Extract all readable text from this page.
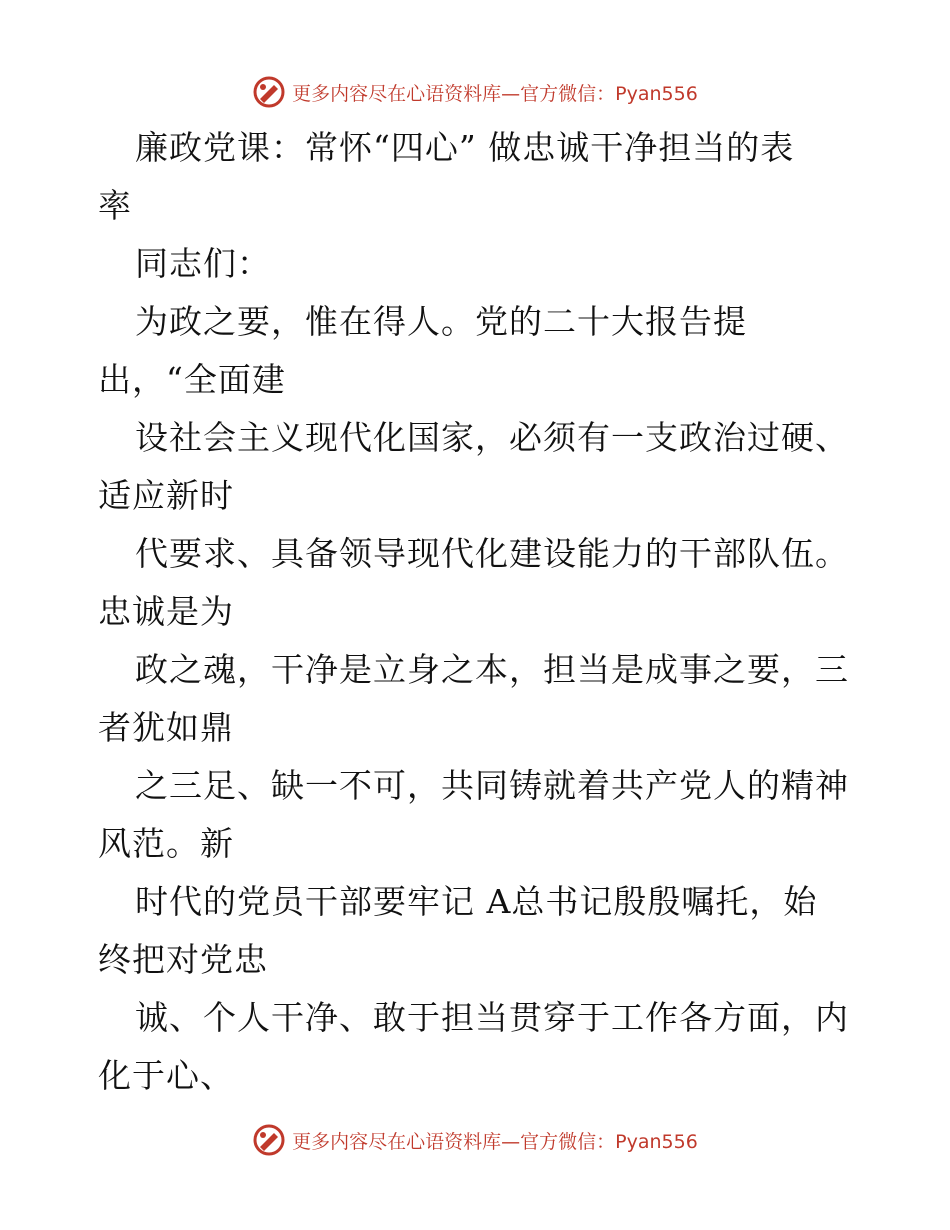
更多内容尽在心语资料库—官方微信：Pyan556
廉政党课：常怀“四心” 做忠诚干净担当的表
率
同志们：
为政之要，惟在得人。党的二十大报告提
出，“全面建
设社会主义现代化国家，必须有一支政治过硬、
适应新时
代要求、具备领导现代化建设能力的干部队伍。
忠诚是为
政之魂，干净是立身之本，担当是成事之要，三
者犹如鼎
之三足、缺一不可，共同铸就着共产党人的精神
风范。新
时代的党员干部要牢记 A总书记殷殷嘱托，始
终把对党忠
诚、个人干净、敢于担当贯穿于工作各方面，内
化于心、
更多内容尽在心语资料库—官方微信：Pyan556
